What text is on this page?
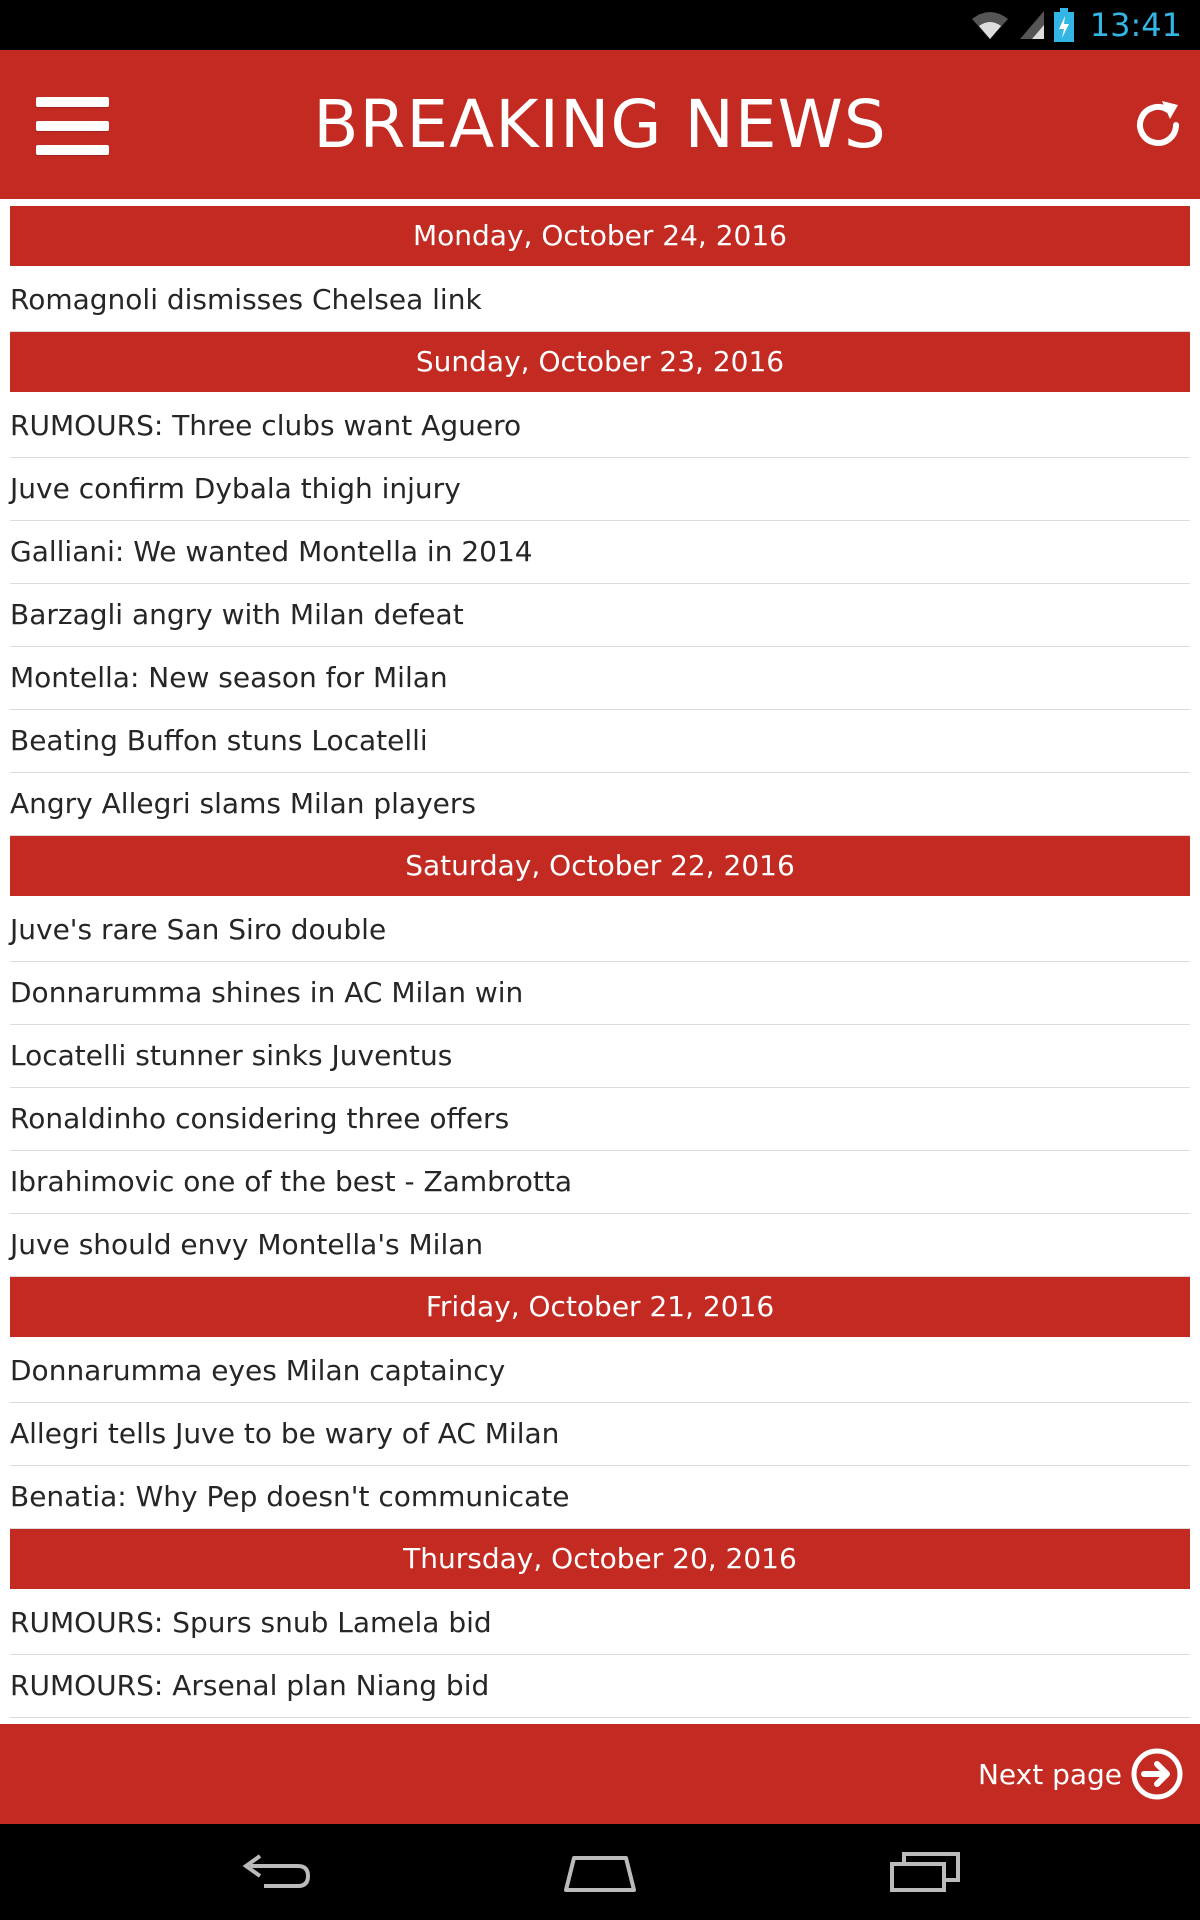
13:41
BREAKING NEWS
Monday, October 24, 2016
Romagnoli dismisses Chelsea link
Sunday, October 23, 2016
RUMOURS: Three clubs want Aguero
Juve confirm Dybala thigh injury
Galliani: We wanted Montella in 2014
Barzagli angry with Milan defeat
Montella: New season for Milan
Beating Buffon stuns Locatelli
Angry Allegri slams Milan players
Saturday, October 22, 2016
Juve's rare San Siro double
Donnarumma shines in AC Milan win
Locatelli stunner sinks Juventus
Ronaldinho considering three offers
Ibrahimovic one of the best - Zambrotta
Juve should envy Montella's Milan
Friday, October 21, 2016
Donnarumma eyes Milan captaincy
Allegri tells Juve to be wary of AC Milan
Benatia: Why Pep doesn't communicate
Thursday, October 20, 2016
RUMOURS: Spurs snub Lamela bid
RUMOURS: Arsenal plan Niang bid
Next page
